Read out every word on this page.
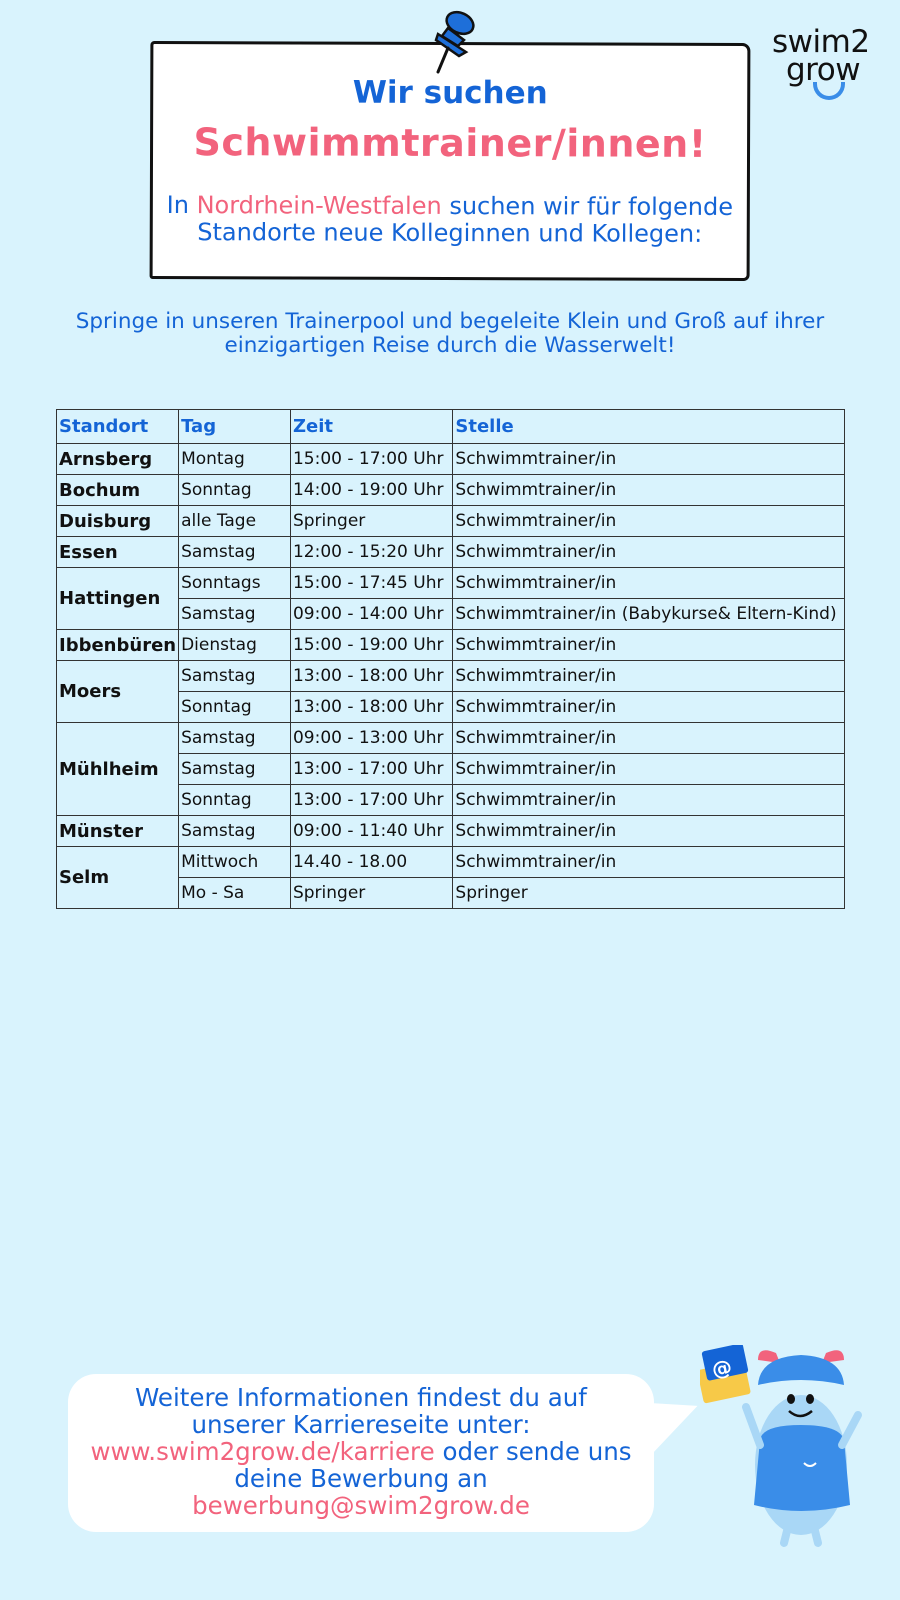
swim2
grow
Wir suchen
Schwimmtrainer/innen!
In Nordrhein-Westfalen suchen wir für folgende
Standorte neue Kolleginnen und Kollegen:
Springe in unseren Trainerpool und begeleite Klein und Groß auf ihrer
einzigartigen Reise durch die Wasserwelt!
Standort	Tag	Zeit	Stelle
Arnsberg	Montag	15:00 - 17:00 Uhr	Schwimmtrainer/in
Bochum	Sonntag	14:00 - 19:00 Uhr	Schwimmtrainer/in
Duisburg	alle Tage	Springer	Schwimmtrainer/in
Essen	Samstag	12:00 - 15:20 Uhr	Schwimmtrainer/in
Hattingen	Sonntags	15:00 - 17:45 Uhr	Schwimmtrainer/in
	Samstag	09:00 - 14:00 Uhr	Schwimmtrainer/in (Babykurse& Eltern-Kind)
Ibbenbüren	Dienstag	15:00 - 19:00 Uhr	Schwimmtrainer/in
Moers	Samstag	13:00 - 18:00 Uhr	Schwimmtrainer/in
	Sonntag	13:00 - 18:00 Uhr	Schwimmtrainer/in
Mühlheim	Samstag	09:00 - 13:00 Uhr	Schwimmtrainer/in
	Samstag	13:00 - 17:00 Uhr	Schwimmtrainer/in
	Sonntag	13:00 - 17:00 Uhr	Schwimmtrainer/in
Münster	Samstag	09:00 - 11:40 Uhr	Schwimmtrainer/in
Selm	Mittwoch	14.40 - 18.00	Schwimmtrainer/in
	Mo - Sa	Springer	Springer
Weitere Informationen findest du auf
unserer Karriereseite unter:
www.swim2grow.de/karriere oder sende uns
deine Bewerbung an
bewerbung@swim2grow.de
@
